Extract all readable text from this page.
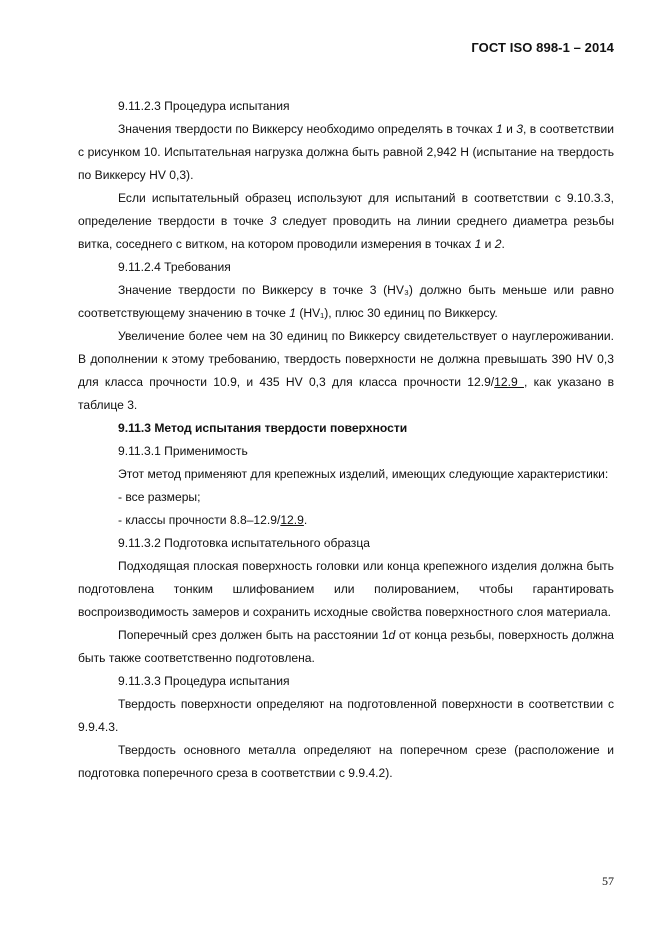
ГОСТ ISO 898-1 – 2014

9.11.2.3 Процедура испытания

Значения твердости по Виккерсу необходимо определять в точках 1 и 3, в соответствии с рисунком 10. Испытательная нагрузка должна быть равной 2,942 Н (испытание на твердость по Виккерсу HV 0,3).

Если испытательный образец используют для испытаний в соответствии с 9.10.3.3, определение твердости в точке 3 следует проводить на линии среднего диаметра резьбы витка, соседнего с витком, на котором проводили измерения в точках 1 и 2.

9.11.2.4 Требования

Значение твердости по Виккерсу в точке 3 (HV₃) должно быть меньше или равно соответствующему значению в точке 1 (HV₁), плюс 30 единиц по Виккерсу.

Увеличение более чем на 30 единиц по Виккерсу свидетельствует о науглероживании. В дополнении к этому требованию, твердость поверхности не должна превышать 390 HV 0,3 для класса прочности 10.9, и 435 HV 0,3 для класса прочности 12.9/12.9 , как указано в таблице 3.

9.11.3 Метод испытания твердости поверхности

9.11.3.1 Применимость

Этот метод применяют для крепежных изделий, имеющих следующие характеристики:

- все размеры;

- классы прочности 8.8–12.9/12.9.

9.11.3.2 Подготовка испытательного образца

Подходящая плоская поверхность головки или конца крепежного изделия должна быть подготовлена тонким шлифованием или полированием, чтобы гарантировать воспроизводимость замеров и сохранить исходные свойства поверхностного слоя материала.

Поперечный срез должен быть на расстоянии 1d от конца резьбы, поверхность должна быть также соответственно подготовлена.

9.11.3.3 Процедура испытания

Твердость поверхности определяют на подготовленной поверхности в соответствии с 9.9.4.3.

Твердость основного металла определяют на поперечном срезе (расположение и подготовка поперечного среза в соответствии с 9.9.4.2).

57
